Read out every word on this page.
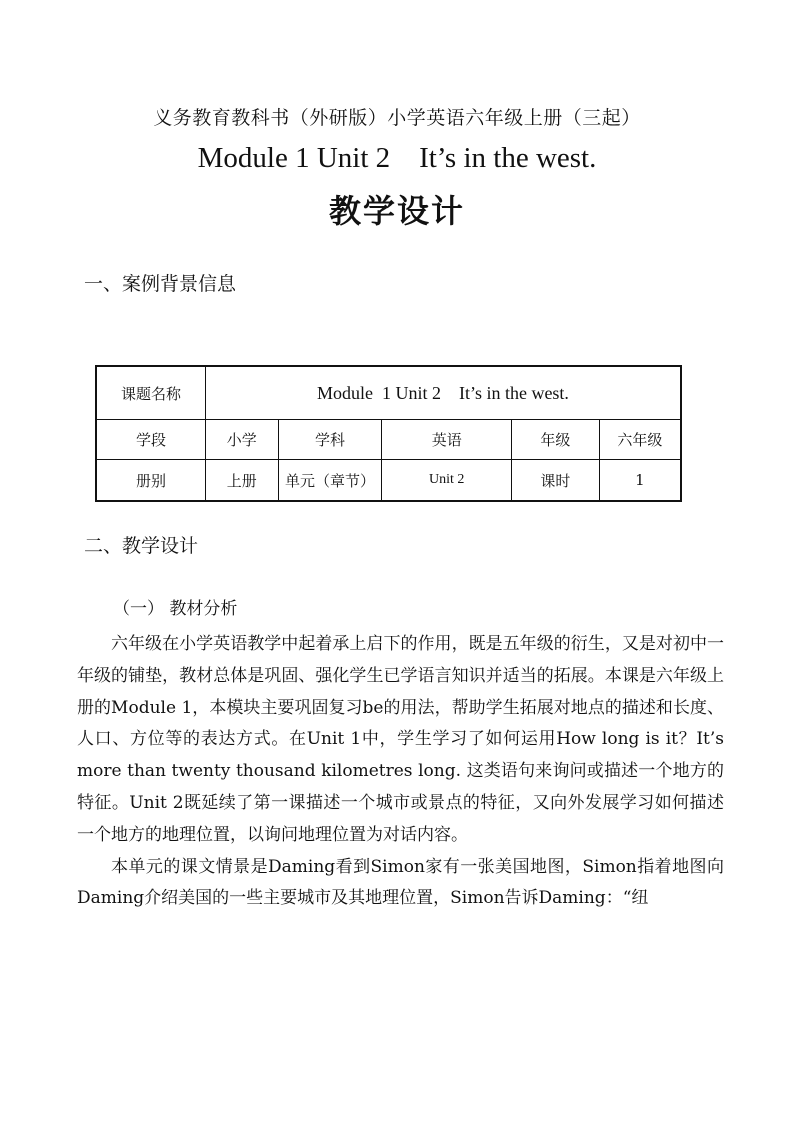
义务教育教科书（外研版）小学英语六年级上册（三起）
Module 1 Unit 2    It’s in the west.
教学设计
一、案例背景信息
课题名称	Module  1 Unit 2    It’s in the west.				
学段	小学	学科	英语	年级	六年级
册别	上册	单元（章节）	Unit 2	课时	1
二、教学设计
（一） 教材分析

六年级在小学英语教学中起着承上启下的作用，既是五年级的衍生，又是对初中一年级的铺垫，教材总体是巩固、强化学生已学语言知识并适当的拓展。本课是六年级上册的Module 1，本模块主要巩固复习be的用法，帮助学生拓展对地点的描述和长度、人口、方位等的表达方式。在Unit 1中，学生学习了如何运用How long is it？It’s more than twenty thousand kilometres long. 这类语句来询问或描述一个地方的特征。Unit 2既延续了第一课描述一个城市或景点的特征，又向外发展学习如何描述一个地方的地理位置，以询问地理位置为对话内容。

本单元的课文情景是Daming看到Simon家有一张美国地图，Simon指着地图向Daming介绍美国的一些主要城市及其地理位置，Simon告诉Daming：“纽
